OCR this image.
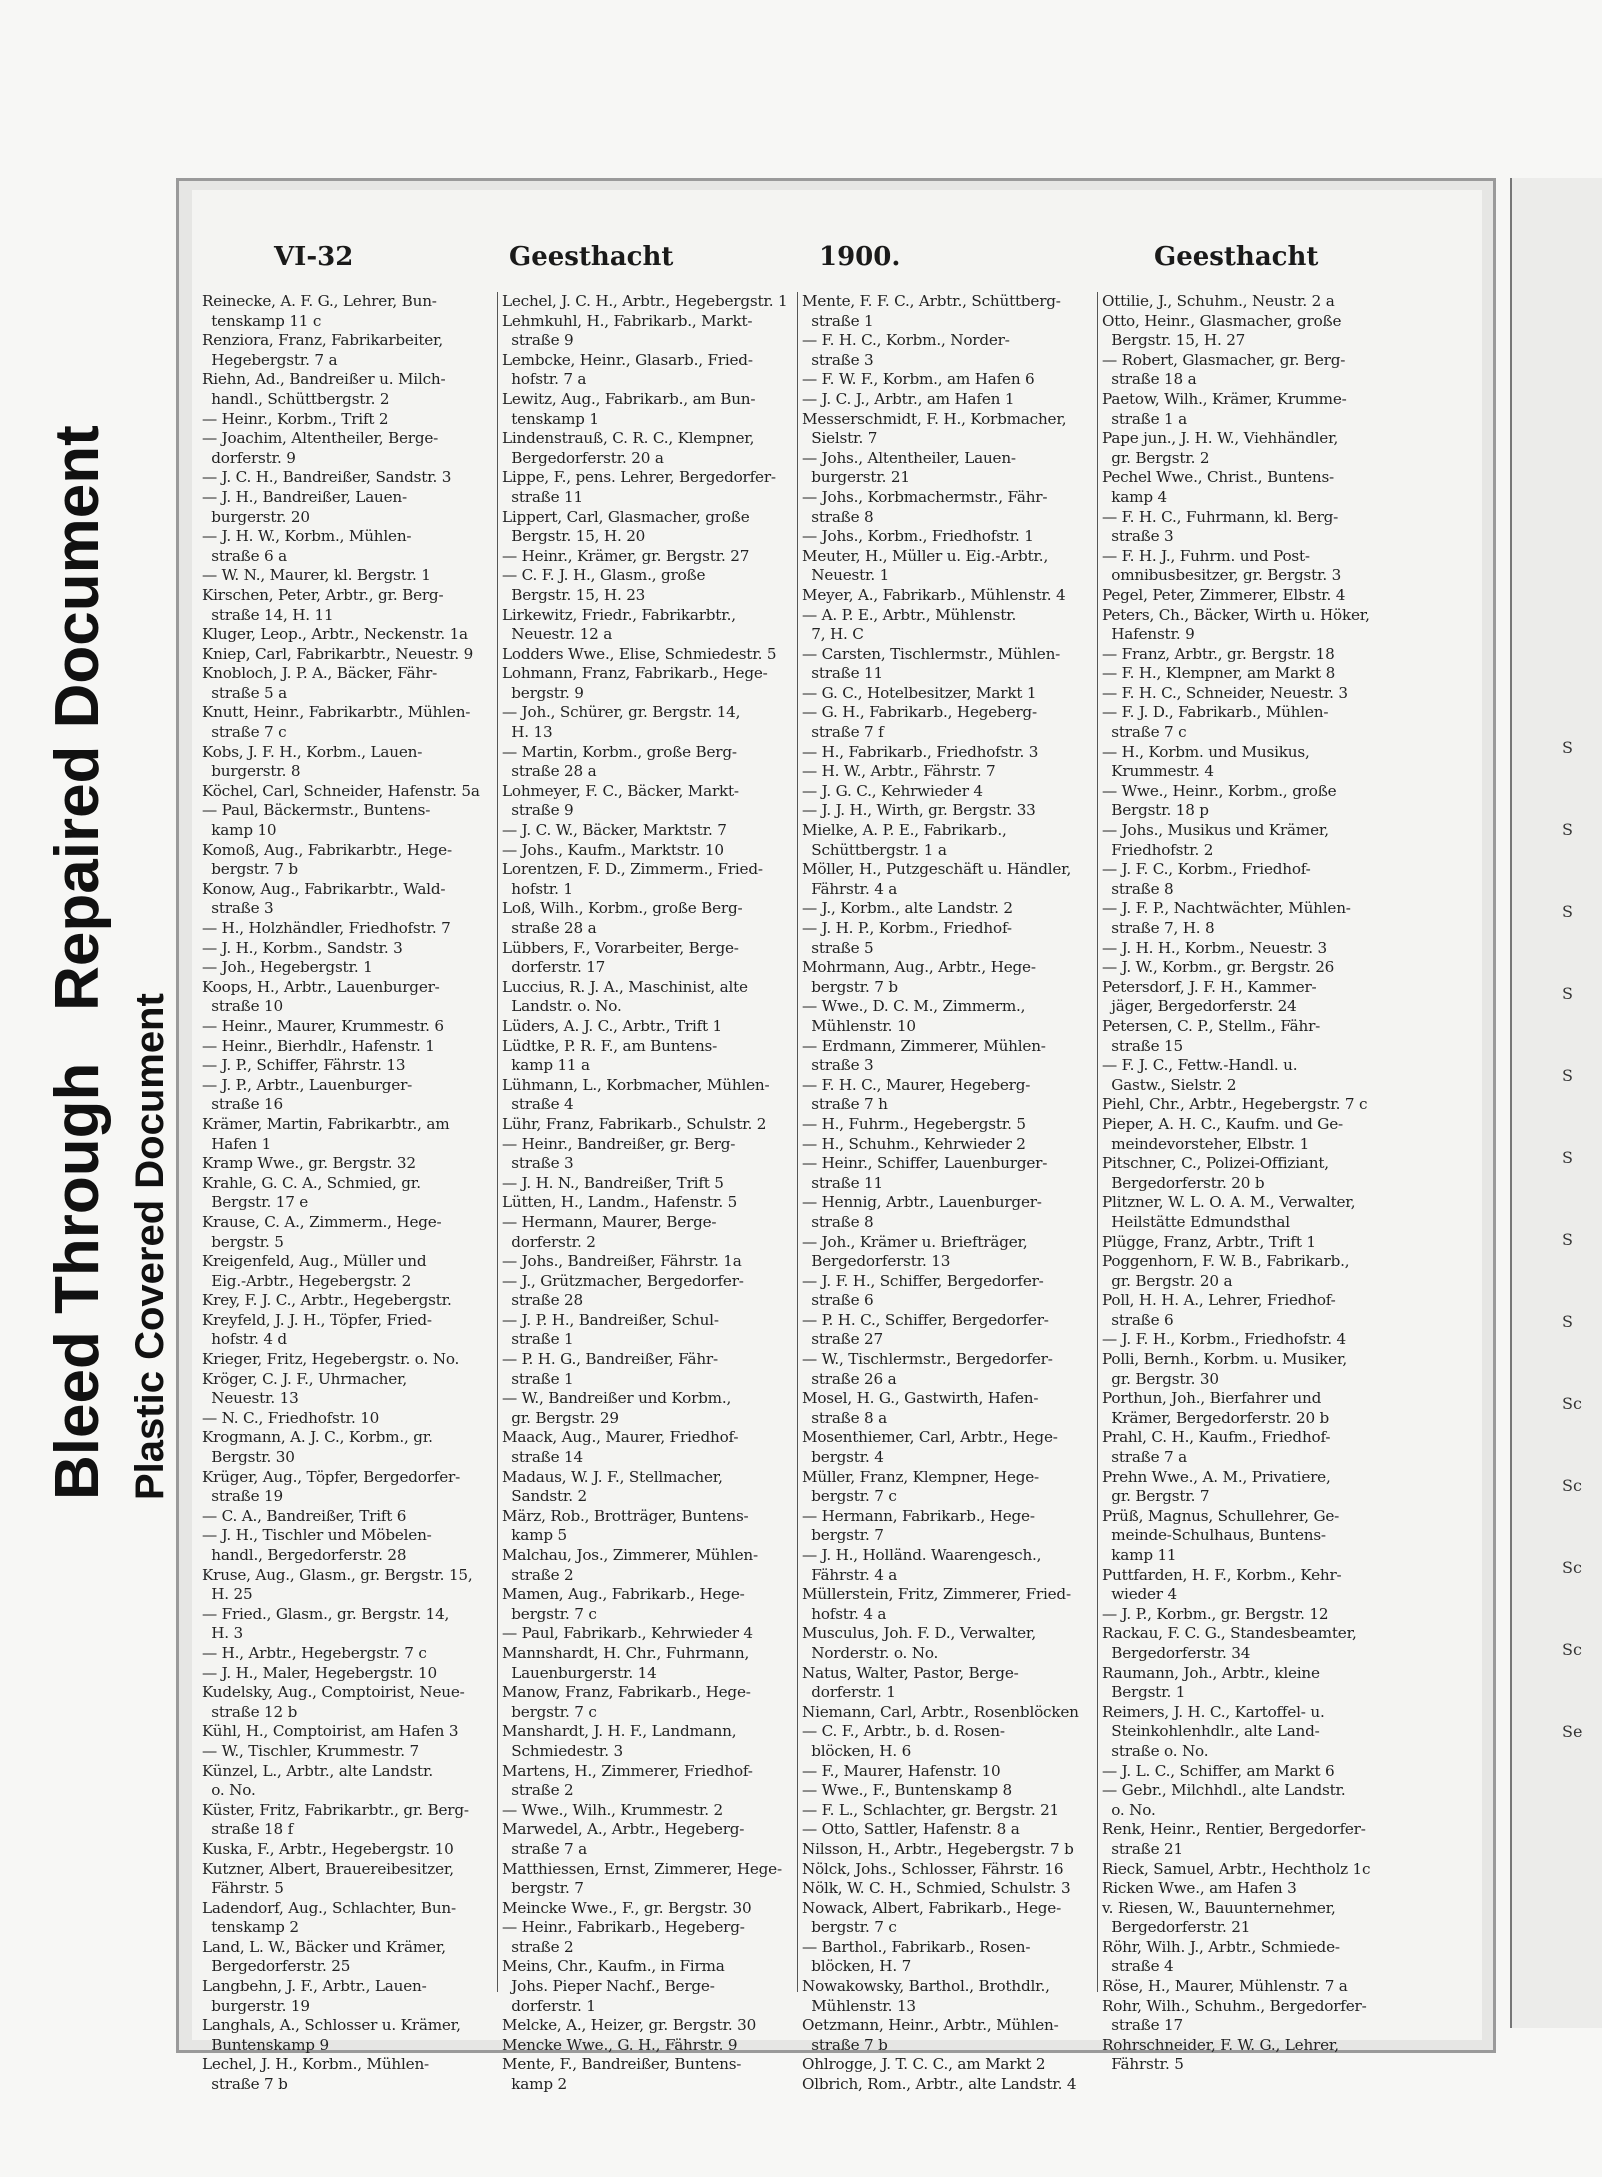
Bleed Through   Repaired Document
Plastic Covered Document
S
S
S
S
S
S
S
S
Sc
Sc
Sc
Sc
Se
VI-32	Geesthacht	1900.	Geesthacht
Reinecke, A. F. G., Lehrer, Bun-
tenskamp 11 c
Renziora, Franz, Fabrikarbeiter,
Hegebergstr. 7 a
Riehn, Ad., Bandreißer u. Milch-
handl., Schüttbergstr. 2
— Heinr., Korbm., Trift 2
— Joachim, Altentheiler, Berge-
dorferstr. 9
— J. C. H., Bandreißer, Sandstr. 3
— J. H., Bandreißer, Lauen-
burgerstr. 20
— J. H. W., Korbm., Mühlen-
straße 6 a
— W. N., Maurer, kl. Bergstr. 1
Kirschen, Peter, Arbtr., gr. Berg-
straße 14, H. 11
Kluger, Leop., Arbtr., Neckenstr. 1a
Kniep, Carl, Fabrikarbtr., Neuestr. 9
Knobloch, J. P. A., Bäcker, Fähr-
straße 5 a
Knutt, Heinr., Fabrikarbtr., Mühlen-
straße 7 c
Kobs, J. F. H., Korbm., Lauen-
burgerstr. 8
Köchel, Carl, Schneider, Hafenstr. 5a
— Paul, Bäckermstr., Buntens-
kamp 10
Komoß, Aug., Fabrikarbtr., Hege-
bergstr. 7 b
Konow, Aug., Fabrikarbtr., Wald-
straße 3
— H., Holzhändler, Friedhofstr. 7
— J. H., Korbm., Sandstr. 3
— Joh., Hegebergstr. 1
Koops, H., Arbtr., Lauenburger-
straße 10
— Heinr., Maurer, Krummestr. 6
— Heinr., Bierhdlr., Hafenstr. 1
— J. P., Schiffer, Fährstr. 13
— J. P., Arbtr., Lauenburger-
straße 16
Krämer, Martin, Fabrikarbtr., am
Hafen 1
Kramp Wwe., gr. Bergstr. 32
Krahle, G. C. A., Schmied, gr.
Bergstr. 17 e
Krause, C. A., Zimmerm., Hege-
bergstr. 5
Kreigenfeld, Aug., Müller und
Eig.-Arbtr., Hegebergstr. 2
Krey, F. J. C., Arbtr., Hegebergstr.
Kreyfeld, J. J. H., Töpfer, Fried-
hofstr. 4 d
Krieger, Fritz, Hegebergstr. o. No.
Kröger, C. J. F., Uhrmacher,
Neuestr. 13
— N. C., Friedhofstr. 10
Krogmann, A. J. C., Korbm., gr.
Bergstr. 30
Krüger, Aug., Töpfer, Bergedorfer-
straße 19
— C. A., Bandreißer, Trift 6
— J. H., Tischler und Möbelen-
handl., Bergedorferstr. 28
Kruse, Aug., Glasm., gr. Bergstr. 15,
H. 25
— Fried., Glasm., gr. Bergstr. 14,
H. 3
— H., Arbtr., Hegebergstr. 7 c
— J. H., Maler, Hegebergstr. 10
Kudelsky, Aug., Comptoirist, Neue-
straße 12 b
Kühl, H., Comptoirist, am Hafen 3
— W., Tischler, Krummestr. 7
Künzel, L., Arbtr., alte Landstr.
o. No.
Küster, Fritz, Fabrikarbtr., gr. Berg-
straße 18 f
Kuska, F., Arbtr., Hegebergstr. 10
Kutzner, Albert, Brauereibesitzer,
Fährstr. 5
Ladendorf, Aug., Schlachter, Bun-
tenskamp 2
Land, L. W., Bäcker und Krämer,
Bergedorferstr. 25
Langbehn, J. F., Arbtr., Lauen-
burgerstr. 19
Langhals, A., Schlosser u. Krämer,
Buntenskamp 9
Lechel, J. H., Korbm., Mühlen-
straße 7 b
Lechel, J. C. H., Arbtr., Hegebergstr. 1
Lehmkuhl, H., Fabrikarb., Markt-
straße 9
Lembcke, Heinr., Glasarb., Fried-
hofstr. 7 a
Lewitz, Aug., Fabrikarb., am Bun-
tenskamp 1
Lindenstrauß, C. R. C., Klempner,
Bergedorferstr. 20 a
Lippe, F., pens. Lehrer, Bergedorfer-
straße 11
Lippert, Carl, Glasmacher, große
Bergstr. 15, H. 20
— Heinr., Krämer, gr. Bergstr. 27
— C. F. J. H., Glasm., große
Bergstr. 15, H. 23
Lirkewitz, Friedr., Fabrikarbtr.,
Neuestr. 12 a
Lodders Wwe., Elise, Schmiedestr. 5
Lohmann, Franz, Fabrikarb., Hege-
bergstr. 9
— Joh., Schürer, gr. Bergstr. 14,
H. 13
— Martin, Korbm., große Berg-
straße 28 a
Lohmeyer, F. C., Bäcker, Markt-
straße 9
— J. C. W., Bäcker, Marktstr. 7
— Johs., Kaufm., Marktstr. 10
Lorentzen, F. D., Zimmerm., Fried-
hofstr. 1
Loß, Wilh., Korbm., große Berg-
straße 28 a
Lübbers, F., Vorarbeiter, Berge-
dorferstr. 17
Luccius, R. J. A., Maschinist, alte
Landstr. o. No.
Lüders, A. J. C., Arbtr., Trift 1
Lüdtke, P. R. F., am Buntens-
kamp 11 a
Lühmann, L., Korbmacher, Mühlen-
straße 4
Lühr, Franz, Fabrikarb., Schulstr. 2
— Heinr., Bandreißer, gr. Berg-
straße 3
— J. H. N., Bandreißer, Trift 5
Lütten, H., Landm., Hafenstr. 5
— Hermann, Maurer, Berge-
dorferstr. 2
— Johs., Bandreißer, Fährstr. 1a
— J., Grützmacher, Bergedorfer-
straße 28
— J. P. H., Bandreißer, Schul-
straße 1
— P. H. G., Bandreißer, Fähr-
straße 1
— W., Bandreißer und Korbm.,
gr. Bergstr. 29
Maack, Aug., Maurer, Friedhof-
straße 14
Madaus, W. J. F., Stellmacher,
Sandstr. 2
März, Rob., Brotträger, Buntens-
kamp 5
Malchau, Jos., Zimmerer, Mühlen-
straße 2
Mamen, Aug., Fabrikarb., Hege-
bergstr. 7 c
— Paul, Fabrikarb., Kehrwieder 4
Mannshardt, H. Chr., Fuhrmann,
Lauenburgerstr. 14
Manow, Franz, Fabrikarb., Hege-
bergstr. 7 c
Manshardt, J. H. F., Landmann,
Schmiedestr. 3
Martens, H., Zimmerer, Friedhof-
straße 2
— Wwe., Wilh., Krummestr. 2
Marwedel, A., Arbtr., Hegeberg-
straße 7 a
Matthiessen, Ernst, Zimmerer, Hege-
bergstr. 7
Meincke Wwe., F., gr. Bergstr. 30
— Heinr., Fabrikarb., Hegeberg-
straße 2
Meins, Chr., Kaufm., in Firma
Johs. Pieper Nachf., Berge-
dorferstr. 1
Melcke, A., Heizer, gr. Bergstr. 30
Mencke Wwe., G. H., Fährstr. 9
Mente, F., Bandreißer, Buntens-
kamp 2
Mente, F. F. C., Arbtr., Schüttberg-
straße 1
— F. H. C., Korbm., Norder-
straße 3
— F. W. F., Korbm., am Hafen 6
— J. C. J., Arbtr., am Hafen 1
Messerschmidt, F. H., Korbmacher,
Sielstr. 7
— Johs., Altentheiler, Lauen-
burgerstr. 21
— Johs., Korbmachermstr., Fähr-
straße 8
— Johs., Korbm., Friedhofstr. 1
Meuter, H., Müller u. Eig.-Arbtr.,
Neuestr. 1
Meyer, A., Fabrikarb., Mühlenstr. 4
— A. P. E., Arbtr., Mühlenstr.
7, H. C
— Carsten, Tischlermstr., Mühlen-
straße 11
— G. C., Hotelbesitzer, Markt 1
— G. H., Fabrikarb., Hegeberg-
straße 7 f
— H., Fabrikarb., Friedhofstr. 3
— H. W., Arbtr., Fährstr. 7
— J. G. C., Kehrwieder 4
— J. J. H., Wirth, gr. Bergstr. 33
Mielke, A. P. E., Fabrikarb.,
Schüttbergstr. 1 a
Möller, H., Putzgeschäft u. Händler,
Fährstr. 4 a
— J., Korbm., alte Landstr. 2
— J. H. P., Korbm., Friedhof-
straße 5
Mohrmann, Aug., Arbtr., Hege-
bergstr. 7 b
— Wwe., D. C. M., Zimmerm.,
Mühlenstr. 10
— Erdmann, Zimmerer, Mühlen-
straße 3
— F. H. C., Maurer, Hegeberg-
straße 7 h
— H., Fuhrm., Hegebergstr. 5
— H., Schuhm., Kehrwieder 2
— Heinr., Schiffer, Lauenburger-
straße 11
— Hennig, Arbtr., Lauenburger-
straße 8
— Joh., Krämer u. Briefträger,
Bergedorferstr. 13
— J. F. H., Schiffer, Bergedorfer-
straße 6
— P. H. C., Schiffer, Bergedorfer-
straße 27
— W., Tischlermstr., Bergedorfer-
straße 26 a
Mosel, H. G., Gastwirth, Hafen-
straße 8 a
Mosenthiemer, Carl, Arbtr., Hege-
bergstr. 4
Müller, Franz, Klempner, Hege-
bergstr. 7 c
— Hermann, Fabrikarb., Hege-
bergstr. 7
— J. H., Holländ. Waarengesch.,
Fährstr. 4 a
Müllerstein, Fritz, Zimmerer, Fried-
hofstr. 4 a
Musculus, Joh. F. D., Verwalter,
Norderstr. o. No.
Natus, Walter, Pastor, Berge-
dorferstr. 1
Niemann, Carl, Arbtr., Rosenblöcken
— C. F., Arbtr., b. d. Rosen-
blöcken, H. 6
— F., Maurer, Hafenstr. 10
— Wwe., F., Buntenskamp 8
— F. L., Schlachter, gr. Bergstr. 21
— Otto, Sattler, Hafenstr. 8 a
Nilsson, H., Arbtr., Hegebergstr. 7 b
Nölck, Johs., Schlosser, Fährstr. 16
Nölk, W. C. H., Schmied, Schulstr. 3
Nowack, Albert, Fabrikarb., Hege-
bergstr. 7 c
— Barthol., Fabrikarb., Rosen-
blöcken, H. 7
Nowakowsky, Barthol., Brothdlr.,
Mühlenstr. 13
Oetzmann, Heinr., Arbtr., Mühlen-
straße 7 b
Ohlrogge, J. T. C. C., am Markt 2
Olbrich, Rom., Arbtr., alte Landstr. 4
Ottilie, J., Schuhm., Neustr. 2 a
Otto, Heinr., Glasmacher, große
Bergstr. 15, H. 27
— Robert, Glasmacher, gr. Berg-
straße 18 a
Paetow, Wilh., Krämer, Krumme-
straße 1 a
Pape jun., J. H. W., Viehhändler,
gr. Bergstr. 2
Pechel Wwe., Christ., Buntens-
kamp 4
— F. H. C., Fuhrmann, kl. Berg-
straße 3
— F. H. J., Fuhrm. und Post-
omnibusbesitzer, gr. Bergstr. 3
Pegel, Peter, Zimmerer, Elbstr. 4
Peters, Ch., Bäcker, Wirth u. Höker,
Hafenstr. 9
— Franz, Arbtr., gr. Bergstr. 18
— F. H., Klempner, am Markt 8
— F. H. C., Schneider, Neuestr. 3
— F. J. D., Fabrikarb., Mühlen-
straße 7 c
— H., Korbm. und Musikus,
Krummestr. 4
— Wwe., Heinr., Korbm., große
Bergstr. 18 p
— Johs., Musikus und Krämer,
Friedhofstr. 2
— J. F. C., Korbm., Friedhof-
straße 8
— J. F. P., Nachtwächter, Mühlen-
straße 7, H. 8
— J. H. H., Korbm., Neuestr. 3
— J. W., Korbm., gr. Bergstr. 26
Petersdorf, J. F. H., Kammer-
jäger, Bergedorferstr. 24
Petersen, C. P., Stellm., Fähr-
straße 15
— F. J. C., Fettw.-Handl. u.
Gastw., Sielstr. 2
Piehl, Chr., Arbtr., Hegebergstr. 7 c
Pieper, A. H. C., Kaufm. und Ge-
meindevorsteher, Elbstr. 1
Pitschner, C., Polizei-Offiziant,
Bergedorferstr. 20 b
Plitzner, W. L. O. A. M., Verwalter,
Heilstätte Edmundsthal
Plügge, Franz, Arbtr., Trift 1
Poggenhorn, F. W. B., Fabrikarb.,
gr. Bergstr. 20 a
Poll, H. H. A., Lehrer, Friedhof-
straße 6
— J. F. H., Korbm., Friedhofstr. 4
Polli, Bernh., Korbm. u. Musiker,
gr. Bergstr. 30
Porthun, Joh., Bierfahrer und
Krämer, Bergedorferstr. 20 b
Prahl, C. H., Kaufm., Friedhof-
straße 7 a
Prehn Wwe., A. M., Privatiere,
gr. Bergstr. 7
Prüß, Magnus, Schullehrer, Ge-
meinde-Schulhaus, Buntens-
kamp 11
Puttfarden, H. F., Korbm., Kehr-
wieder 4
— J. P., Korbm., gr. Bergstr. 12
Rackau, F. C. G., Standesbeamter,
Bergedorferstr. 34
Raumann, Joh., Arbtr., kleine
Bergstr. 1
Reimers, J. H. C., Kartoffel- u.
Steinkohlenhdlr., alte Land-
straße o. No.
— J. L. C., Schiffer, am Markt 6
— Gebr., Milchhdl., alte Landstr.
o. No.
Renk, Heinr., Rentier, Bergedorfer-
straße 21
Rieck, Samuel, Arbtr., Hechtholz 1c
Ricken Wwe., am Hafen 3
v. Riesen, W., Bauunternehmer,
Bergedorferstr. 21
Röhr, Wilh. J., Arbtr., Schmiede-
straße 4
Röse, H., Maurer, Mühlenstr. 7 a
Rohr, Wilh., Schuhm., Bergedorfer-
straße 17
Rohrschneider, F. W. G., Lehrer,
Fährstr. 5
